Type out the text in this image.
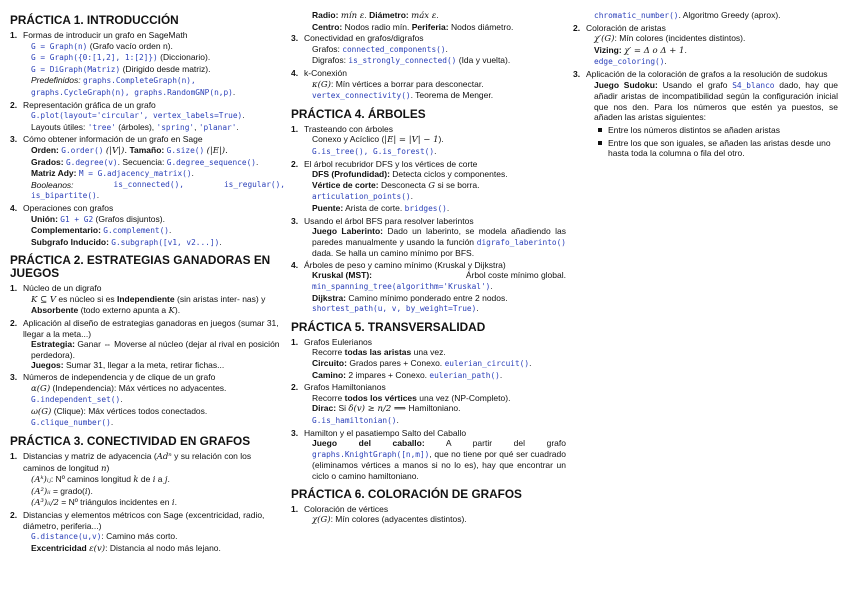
PRÁCTICA 1. INTRODUCCIÓN
1. Formas de introducir un grafo en SageMath
G = Graph(n) (Grafo vacío orden n).
G = Graph({0:[1,2], 1:[2]}) (Diccionario).
G = DiGraph(Matriz) (Dirigido desde matriz).
Predefinidos: graphs.CompleteGraph(n),
graphs.CycleGraph(n), graphs.RandomGNP(n,p).
2. Representación gráfica de un grafo
G.plot(layout='circular', vertex_labels=True).
Layouts útiles: 'tree' (árboles), 'spring', 'planar'.
3. Cómo obtener información de un grafo en Sage
Orden: G.order() (|V|). Tamaño: G.size() (|E|).
Grados: G.degree(v). Secuencia: G.degree_sequence().
Matriz Ady: M = G.adjacency_matrix().
Booleanos:	is_connected(),	is_regular(),
is_bipartite().
4. Operaciones con grafos
Unión: G1 + G2 (Grafos disjuntos).
Complementario: G.complement().
Subgrafo Inducido: G.subgraph([v1, v2...]).
PRÁCTICA 2. ESTRATEGIAS GANADORAS EN JUEGOS
1. Núcleo de un digrafo
K ⊆ V es núcleo si es Independiente (sin aristas inter- nas) y Absorbente (todo externo apunta a K).
2. Aplicación al diseño de estrategias ganadoras en juegos (sumar 31, llegar a la meta...)
Estrategia: Ganar ⇔ Moverse al núcleo (dejar al rival en posición perdedora).
Juegos: Sumar 31, llegar a la meta, retirar fichas...
3. Números de independencia y de clique de un grafo
α(G) (Independencia): Máx vértices no adyacentes.
G.independent_set().
ω(G) (Clique): Máx vértices todos conectados.
G.clique_number().
PRÁCTICA 3. CONECTIVIDAD EN GRAFOS
1. Distancias y matriz de adyacencia (Adⁿ y su relación con los caminos de longitud n)
(Aᵏ)ᵢⱼ: Nº caminos longitud k de i a j.
(A²)ᵢᵢ = grado(i).
(A³)ᵢᵢ/2 = Nº triángulos incidentes en i.
2. Distancias y elementos métricos con Sage (excentricidad, radio, diámetro, periferia...)
G.distance(u,v): Camino más corto.
Excentricidad ε(v): Distancia al nodo más lejano.
Radio: mín ε. Diámetro: máx ε.
Centro: Nodos radio mín. Periferia: Nodos diámetro.
3. Conectividad en grafos/digrafos
Grafos: connected_components().
Digrafos: is_strongly_connected() (Ida y vuelta).
4. k-Conexión
κ(G): Mín vértices a borrar para desconectar.
vertex_connectivity(). Teorema de Menger.
PRÁCTICA 4. ÁRBOLES
1. Trasteando con árboles
Conexo y Acíclico (|E| = |V| − 1).
G.is_tree(), G.is_forest().
2. El árbol recubridor DFS y los vértices de corte
DFS (Profundidad): Detecta ciclos y componentes.
Vértice de corte: Desconecta G si se borra.
articulation_points().
Puente: Arista de corte. bridges().
3. Usando el árbol BFS para resolver laberintos
Juego Laberinto: Dado un laberinto, se modela añadiendo las paredes manualmente y usando la función digrafo_laberinto() dada. Se halla un camino mínimo por BFS.
4. Árboles de peso y camino mínimo (Kruskal y Dijkstra)
Kruskal (MST):	Árbol coste mínimo global.
min_spanning_tree(algorithm='Kruskal').
Dijkstra: Camino mínimo ponderado entre 2 nodos.
shortest_path(u, v, by_weight=True).
PRÁCTICA 5. TRANSVERSALIDAD
1. Grafos Eulerianos
Recorre todas las aristas una vez.
Circuito: Grados pares + Conexo. eulerian_circuit().
Camino: 2 impares + Conexo. eulerian_path().
2. Grafos Hamiltonianos
Recorre todos los vértices una vez (NP-Completo).
Dirac: Si δ(v) ≥ n/2 ⟹ Hamiltoniano.
G.is_hamiltonian().
3. Hamilton y el pasatiempo Salto del Caballo
Juego del caballo: A partir del grafo graphs.KnightGraph([n,m]), que no tiene por qué ser cuadrado (eliminamos vértices a manos si no lo es), hay que encontrar un ciclo o camino hamiltoniano.
PRÁCTICA 6. COLORACIÓN DE GRAFOS
1. Coloración de vértices
χ(G): Mín colores (adyacentes distintos).
chromatic_number(). Algoritmo Greedy (aprox).
2. Coloración de aristas
χ′(G): Mín colores (incidentes distintos).
Vizing: χ′ = Δ o Δ + 1.
edge_coloring().
3. Aplicación de la coloración de grafos a la resolución de sudokus
Juego Sudoku: Usando el grafo S4_blanco dado, hay que añadir aristas de incompatibilidad según la configuración inicial que nos den. Para los números que estén ya puestos, se añaden las aristas siguientes:
Entre los números distintos se añaden aristas
Entre los que son iguales, se añaden las aristas desde uno hasta toda la columna o fila del otro.
